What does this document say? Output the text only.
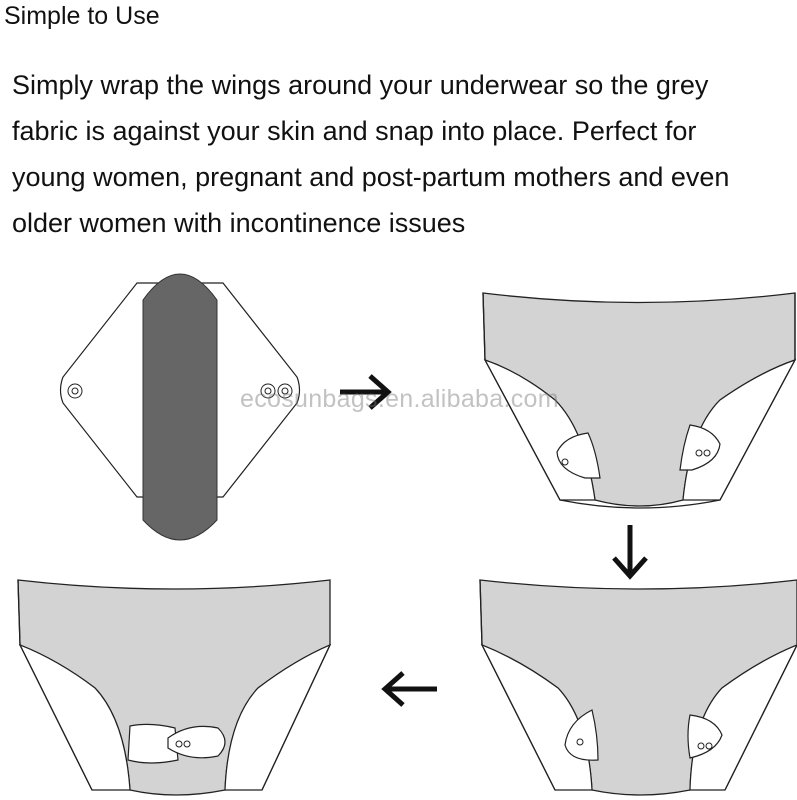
Simple to Use
Simply wrap the wings around your underwear so the grey
fabric is against your skin and snap into place. Perfect for
young women, pregnant and post-partum mothers and even
older women with incontinence issues
ecosunbags.en.alibaba.com
